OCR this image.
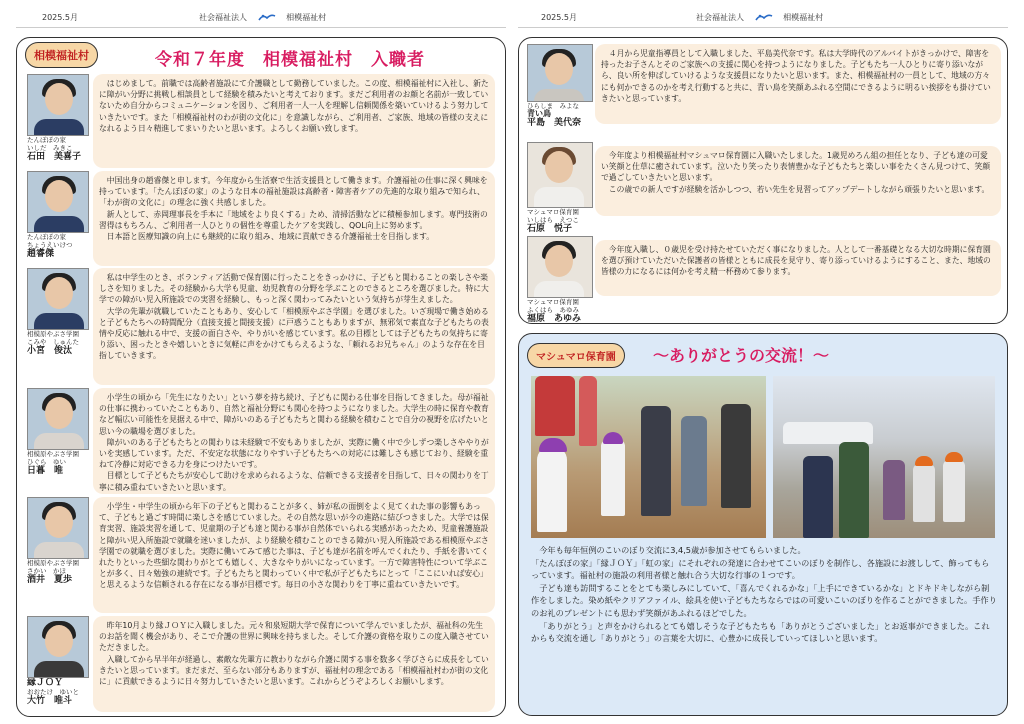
2025.5月	社会福祉法人	相模福祉村	2025.5月	社会福祉法人	相模福祉村
相模福祉村	令和７年度　相模福祉村　入職者
たんぽぽの家
いしだ　みきこ
石田　美喜子

はじめまして。前職では高齢者施設にて介護職として勤務していました。この度、相模福祉村に入社し、新たに障がい分野に挑戦し相談員として経験を積みたいと考えております。まだご利用者のお顔と名前が一致していないため自分からコミュニケーションを図り、ご利用者一人一人を理解し信頼関係を築いていけるよう努力していきたいです。また「相模福祉村のわが街の文化に」を意識しながら、ご利用者、ご家族、地域の皆様の支えになれるよう日々精進してまいりたいと思います。よろしくお願い致します。

たんぽぽの家
ちょうえいけつ
趙睿傑

中国出身の趙睿傑と申します。今年度から生活寮で生活支援員として働きます。介護福祉の仕事に深く興味を持っています。「たんぽぽの家」のような日本の福祉施設は高齢者・障害者ケアの先進的な取り組みで知られ、「わが街の文化に」の理念に強く共感しました。

新人として、赤岡理事長を手本に「地域をより良くする」ため、清掃活動などに積極参加します。専門技術の習得はもちろん、ご利用者一人ひとりの個性を尊重したケアを実践し、QOL向上に努めます。

日本語と医療知識の向上にも継続的に取り組み、地域に貢献できる介護福祉士を目指します。

相模原やぶさ学園
こみや　しゅんた
小宮　俊汰

私は中学生のとき、ボランティア活動で保育園に行ったことをきっかけに、子どもと関わることの楽しさや楽しさを知りました。その経験から大学も児童、幼児教育の分野を学ぶことのできるところを選びました。特に大学での障がい児入所施設での実習を経験し、もっと深く関わってみたいという気持ちが芽生えました。

大学の先輩が就職していたこともあり、安心して「相模原やぶさ学園」を選びました。いざ現場で働き始めると子どもたちへの時間配分（直接支援と間接支援）に戸惑うこともありますが、無邪気で素直な子どもたちの表情や反応に触れる中で、支援の面白さや、やりがいを感じています。私の目標としては子どもたちの気持ちに寄り添い、困ったときや嬉しいときに気軽に声をかけてもらえるような、「頼れるお兄ちゃん」のような存在を目指していきます。

相模原やぶさ学園
ひぐら　ゆい
日暮　唯

小学生の頃から「先生になりたい」という夢を持ち続け、子どもに関わる仕事を目指してきました。母が福祉の仕事に携わっていたこともあり、自然と福祉分野にも関心を持つようになりました。大学生の時に保育や教育など幅広い可能性を見据える中で、障がいのある子どもたちと関わる経験を積むことで自分の視野を広げたいと思い今の職場を選びました。

障がいのある子どもたちとの関わりは未経験で不安もありましたが、実際に働く中で少しずつ楽しさややりがいを実感しています。ただ、不安定な状態になりやすい子どもたちへの対応には難しさも感じており、経験を重ねて冷静に対応できる力を身につけたいです。

目標として子どもたちが安心して助けを求められるような、信頼できる支援者を目指して、日々の関わりを丁寧に積み重ねていきたいと思います。

相模原やぶさ学園
さかい　かほ
酒井　夏歩

小学生・中学生の頃から年下の子どもと関わることが多く、姉が私の面倒をよく見てくれた事の影響もあって、子どもと過ごす時間に楽しさを感じていました。その自然な思いが今の進路に結びつきました。大学では保育実習、施設実習を通して、児童期の子ども達と関わる事が自然体でいられる実感があったため、児童養護施設と障がい児入所施設で就職を迷いましたが、より経験を積むことのできる障がい児入所施設である相模原やぶさ学園での就職を選びました。実際に働いてみて感じた事は、子ども達が名前を呼んでくれたり、手紙を書いてくれたりといった些細な関わりがとても嬉しく、大きなやりがいになっています。一方で障害特性について学ぶことが多く、日々勉強の連続です。子どもたちと関わっていく中で私が子どもたちにとって「ここにいれば安心」と思えるような信頼される存在になる事が目標です。毎日の小さな関わりを丁寧に重ねていきたいです。

縁ＪＯＹ
おおたけ　ゆいと
大竹　唯斗

昨年10月より縁ＪＯＹに入職しました。元々和泉短期大学で保育について学んでいましたが、福祉科の先生のお話を聞く機会があり、そこで介護の世界に興味を持ちました。そして介護の資格を取りこの度入職させていただきました。

入職してから早半年が経過し、素敵な先輩方に教わりながら介護に関する事を数多く学びさらに成長をしていきたいと思っています。まだまだ、至らない部分もありますが、福祉村の理念である「相模福祉村わが街の文化に」に貢献できるように日々努力していきたいと思います。これからどうぞよろしくお願いします。

ひらしま　みよな
青い鳥
平島　美代奈

４月から児童指導員として入職しました、平島美代奈です。私は大学時代のアルバイトがきっかけで、障害を持ったお子さんとそのご家族への支援に関心を持つようになりました。子どもたち一人ひとりに寄り添いながら、良い所を伸ばしていけるような支援員になりたいと思います。また、相模福祉村の一員として、地域の方々にも何かできるのかを考え行動すると共に、青い鳥を笑顔あふれる空間にできるように明るい挨拶をも掛けていきたいと思っています。

マシュマロ保育園
いしはら　えつこ
石原　悦子

今年度より相模福祉村マシュマロ保育園に入職いたしました。1歳児めろん組の担任となり、子ども達の可愛い笑顔と仕草に癒されています。泣いたり笑ったり表情豊かな子どもたちと楽しい事をたくさん見つけて、笑顔で過ごしていきたいと思います。

この歳での新人ですが経験を活かしつつ、若い先生を見習ってアップデートしながら頑張りたいと思います。

マシュマロ保育園
ふくはら　あゆみ
福原　あゆみ

今年度入職し、０歳児を受け持たせていただく事になりました。人として一番基礎となる大切な時期に保育園を選び預けていただいた保護者の皆様とともに成長を見守り、寄り添っていけるようにすること、また、地域の皆様の力になるには何かを考え精一杯務めて参ります。

マシュマロ保育園	～ありがとうの交流！～

今年も毎年恒例のこいのぼり交流に3,4,5歳が参加させてもらいました。

「たんぽぽの家」「縁ＪＯＹ」「虹の家」にそれぞれの発達に合わせてこいのぼりを制作し、各施設にお渡しして、飾ってもらっています。福祉村の施設の利用者様と触れ合う大切な行事の１つです。

子ども達も訪問することをとても楽しみにしていて、「喜んでくれるかな」「上手にできているかな」とドキドキしながら制作をしました。染め紙やクリアファイル、絵具を使い子どもたちならではの可愛いこいのぼりを作ることができました。手作りのお礼のプレゼントにも思わず笑顔があふれるほどでした。

「ありがとう」と声をかけられるとても嬉しそうな子どもたちも「ありがとうございました」とお返事ができました。これからも交流を通し「ありがとう」の言葉を大切に、心豊かに成長していってほしいと思います。
